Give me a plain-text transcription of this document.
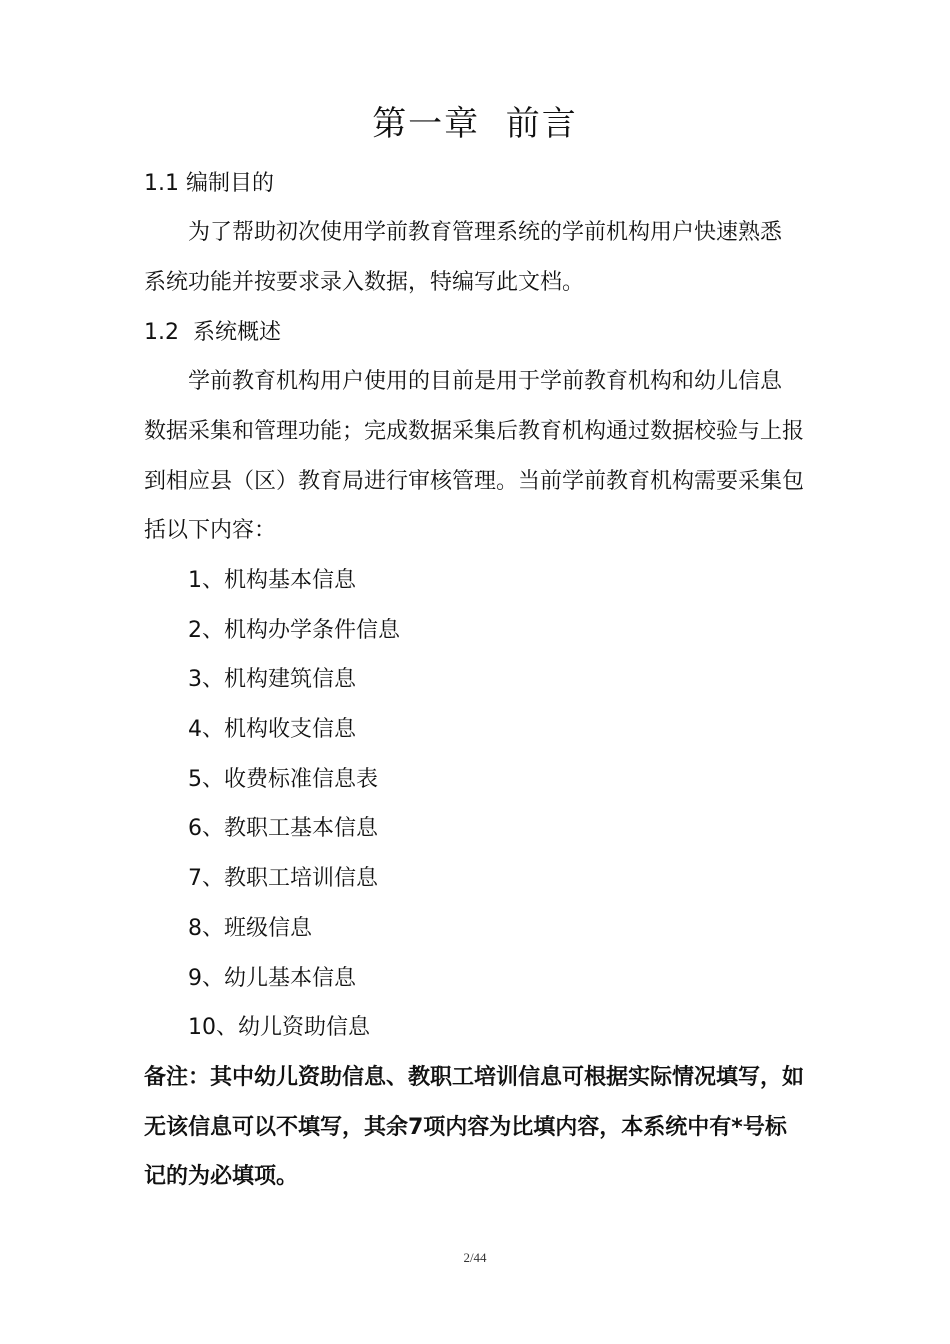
第一章  前言
1.1 编制目的
为了帮助初次使用学前教育管理系统的学前机构用户快速熟悉
系统功能并按要求录入数据，特编写此文档。
1.2  系统概述
学前教育机构用户使用的目前是用于学前教育机构和幼儿信息
数据采集和管理功能；完成数据采集后教育机构通过数据校验与上报
到相应县（区）教育局进行审核管理。当前学前教育机构需要采集包
括以下内容：
1、机构基本信息
2、机构办学条件信息
3、机构建筑信息
4、机构收支信息
5、收费标准信息表
6、教职工基本信息
7、教职工培训信息
8、班级信息
9、幼儿基本信息
10、幼儿资助信息
备注：其中幼儿资助信息、教职工培训信息可根据实际情况填写，如
无该信息可以不填写，其余7项内容为比填内容，本系统中有*号标
记的为必填项。
2/44
